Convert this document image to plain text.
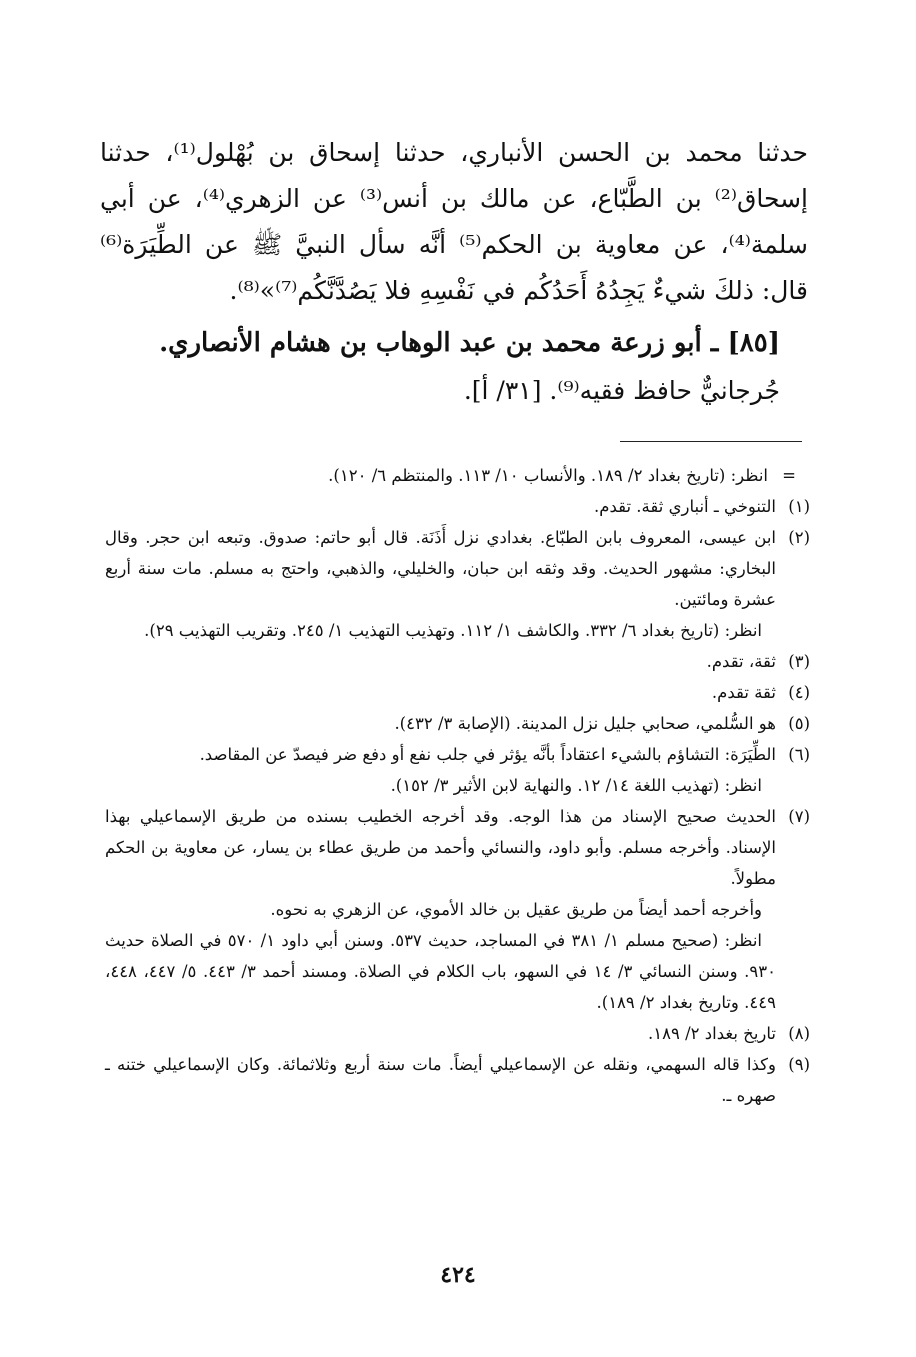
حدثنا محمد بن الحسن الأنباري، حدثنا إسحاق بن بُهْلول⁽¹⁾، حدثنا إسحاق⁽²⁾ بن الطَّبّاع، عن مالك بن أنس⁽³⁾ عن الزهري⁽⁴⁾، عن أبي سلمة⁽⁴⁾، عن معاوية بن الحكم⁽⁵⁾ أنَّه سأل النبيَّ ﷺ عن الطِّيَرَة⁽⁶⁾ قال: ذلكَ شيءٌ يَجِدُهُ أَحَدُكُم في نَفْسِهِ فلا يَصُدَّنَّكُم⁽⁷⁾»⁽⁸⁾.

[٨٥] ـ أبو زرعة محمد بن عبد الوهاب بن هشام الأنصاري.

جُرجانيٌّ حافظ فقيه⁽⁹⁾. [٣١/ أ].

=

انظر: (تاريخ بغداد ٢/ ١٨٩. والأنساب ١٠/ ١١٣. والمنتظم ٦/ ١٢٠).

(١)

التنوخي ـ أنباري ثقة. تقدم.

(٢)

ابن عيسى، المعروف بابن الطبّاع. بغدادي نزل أَذَنَة. قال أبو حاتم: صدوق. وتبعه ابن حجر. وقال البخاري: مشهور الحديث. وقد وثقه ابن حبان، والخليلي، والذهبي، واحتج به مسلم. مات سنة أربع عشرة ومائتين.

انظر: (تاريخ بغداد ٦/ ٣٣٢. والكاشف ١/ ١١٢. وتهذيب التهذيب ١/ ٢٤٥. وتقريب التهذيب ٢٩).

(٣)

ثقة، تقدم.

(٤)

ثقة تقدم.

(٥)

هو السُّلمي، صحابي جليل نزل المدينة. (الإصابة ٣/ ٤٣٢).

(٦)

الطِّيَرَة: التشاؤم بالشيء اعتقاداً بأنَّه يؤثر في جلب نفع أو دفع ضر فيصدّ عن المقاصد.

انظر: (تهذيب اللغة ١٤/ ١٢. والنهاية لابن الأثير ٣/ ١٥٢).

(٧)

الحديث صحيح الإسناد من هذا الوجه. وقد أخرجه الخطيب بسنده من طريق الإسماعيلي بهذا الإسناد. وأخرجه مسلم. وأبو داود، والنسائي وأحمد من طريق عطاء بن يسار، عن معاوية بن الحكم مطولاً.

وأخرجه أحمد أيضاً من طريق عقيل بن خالد الأموي، عن الزهري به نحوه.

انظر: (صحيح مسلم ١/ ٣٨١ في المساجد، حديث ٥٣٧. وسنن أبي داود ١/ ٥٧٠ في الصلاة حديث ٩٣٠. وسنن النسائي ٣/ ١٤ في السهو، باب الكلام في الصلاة. ومسند أحمد ٣/ ٤٤٣. ٥/ ٤٤٧، ٤٤٨، ٤٤٩. وتاريخ بغداد ٢/ ١٨٩).

(٨)

تاريخ بغداد ٢/ ١٨٩.

(٩)

وكذا قاله السهمي، ونقله عن الإسماعيلي أيضاً. مات سنة أربع وثلاثمائة. وكان الإسماعيلي ختنه ـ صهره ـ.

٤٢٤
